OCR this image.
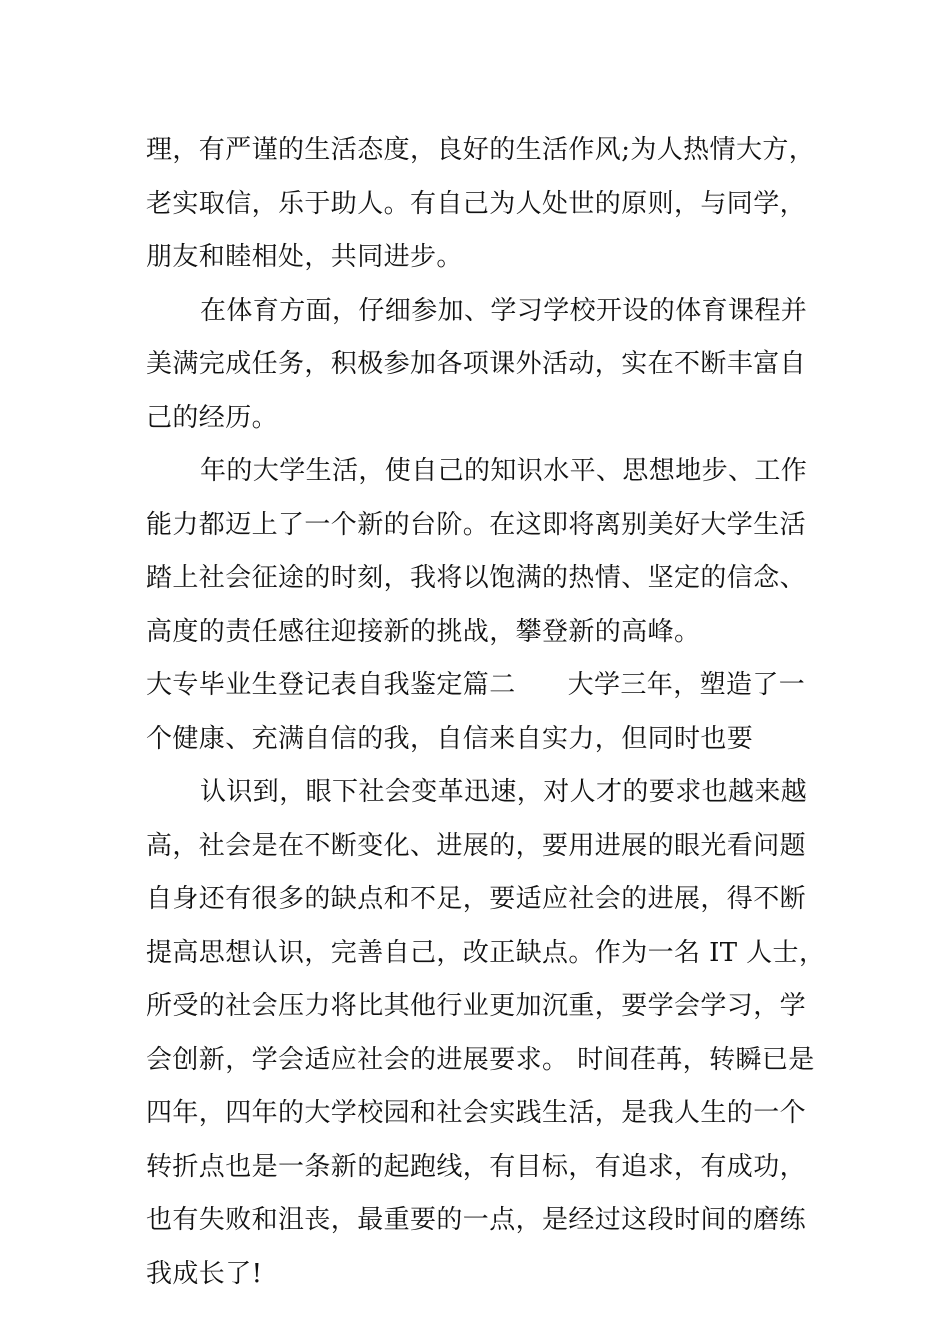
理，有严谨的生活态度，良好的生活作风;为人热情大方，
老实取信，乐于助人。有自己为人处世的原则，与同学，
朋友和睦相处，共同进步。
在体育方面，仔细参加、学习学校开设的体育课程并
美满完成任务，积极参加各项课外活动，实在不断丰富自
己的经历。
年的大学生活，使自己的知识水平、思想地步、工作
能力都迈上了一个新的台阶。在这即将离别美好大学生活
踏上社会征途的时刻，我将以饱满的热情、坚定的信念、
高度的责任感往迎接新的挑战，攀登新的高峰。
大专毕业生登记表自我鉴定篇二 大学三年，塑造了一
个健康、充满自信的我，自信来自实力，但同时也要
认识到，眼下社会变革迅速，对人才的要求也越来越
高，社会是在不断变化、进展的，要用进展的眼光看问题
自身还有很多的缺点和不足，要适应社会的进展，得不断
提高思想认识，完善自己，改正缺点。作为一名 IT 人士，
所受的社会压力将比其他行业更加沉重，要学会学习，学
会创新，学会适应社会的进展要求。 时间荏苒，转瞬已是
四年，四年的大学校园和社会实践生活，是我人生的一个
转折点也是一条新的起跑线，有目标，有追求，有成功，
也有失败和沮丧，最重要的一点，是经过这段时间的磨练
我成长了!
